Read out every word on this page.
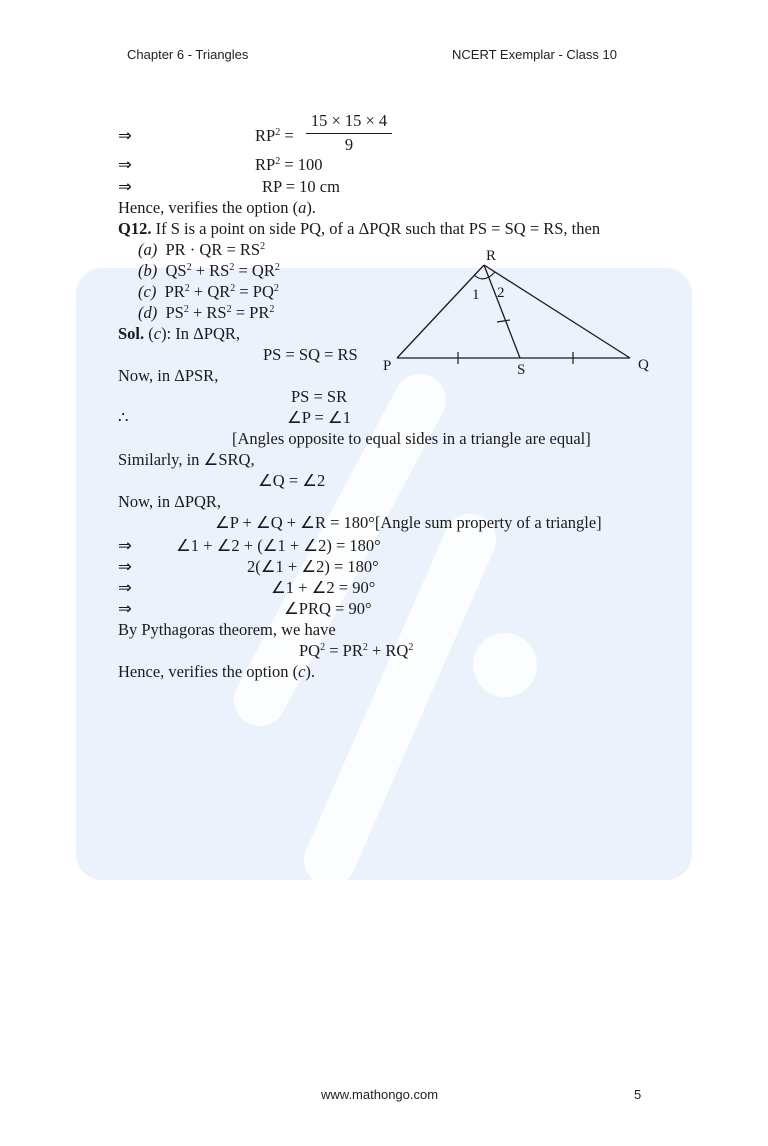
Chapter 6 - Triangles	NCERT Exemplar - Class 10
⇒	$RP^2 = \frac{15 \times 15 \times 4}{9}$
⇒	$RP^2 = 100$
⇒	RP = 10 cm
Hence, verifies the option (a).
Q12. If S is a point on side PQ, of a ΔPQR such that PS = SQ = RS, then
(a) PR · QR = $RS^2$
(b) $QS^2 + RS^2 = QR^2$
(c) $PR^2 + QR^2 = PQ^2$
(d) $PS^2 + RS^2 = PR^2$
R
P	Q
S
1 2
Sol. (c): In ΔPQR,
PS = SQ = RS
Now, in ΔPSR,
PS = SR
∴	∠P = ∠1
[Angles opposite to equal sides in a triangle are equal]
Similarly, in ∠SRQ,
∠Q = ∠2
Now, in ΔPQR,
∠P + ∠Q + ∠R = 180°[Angle sum property of a triangle]
⇒	∠1 + ∠2 + (∠1 + ∠2) = 180°
⇒	2(∠1 + ∠2) = 180°
⇒	∠1 + ∠2 = 90°
⇒	∠PRQ = 90°
By Pythagoras theorem, we have
$PQ^2 = PR^2 + RQ^2$
Hence, verifies the option (c).
www.mathongo.com	5
